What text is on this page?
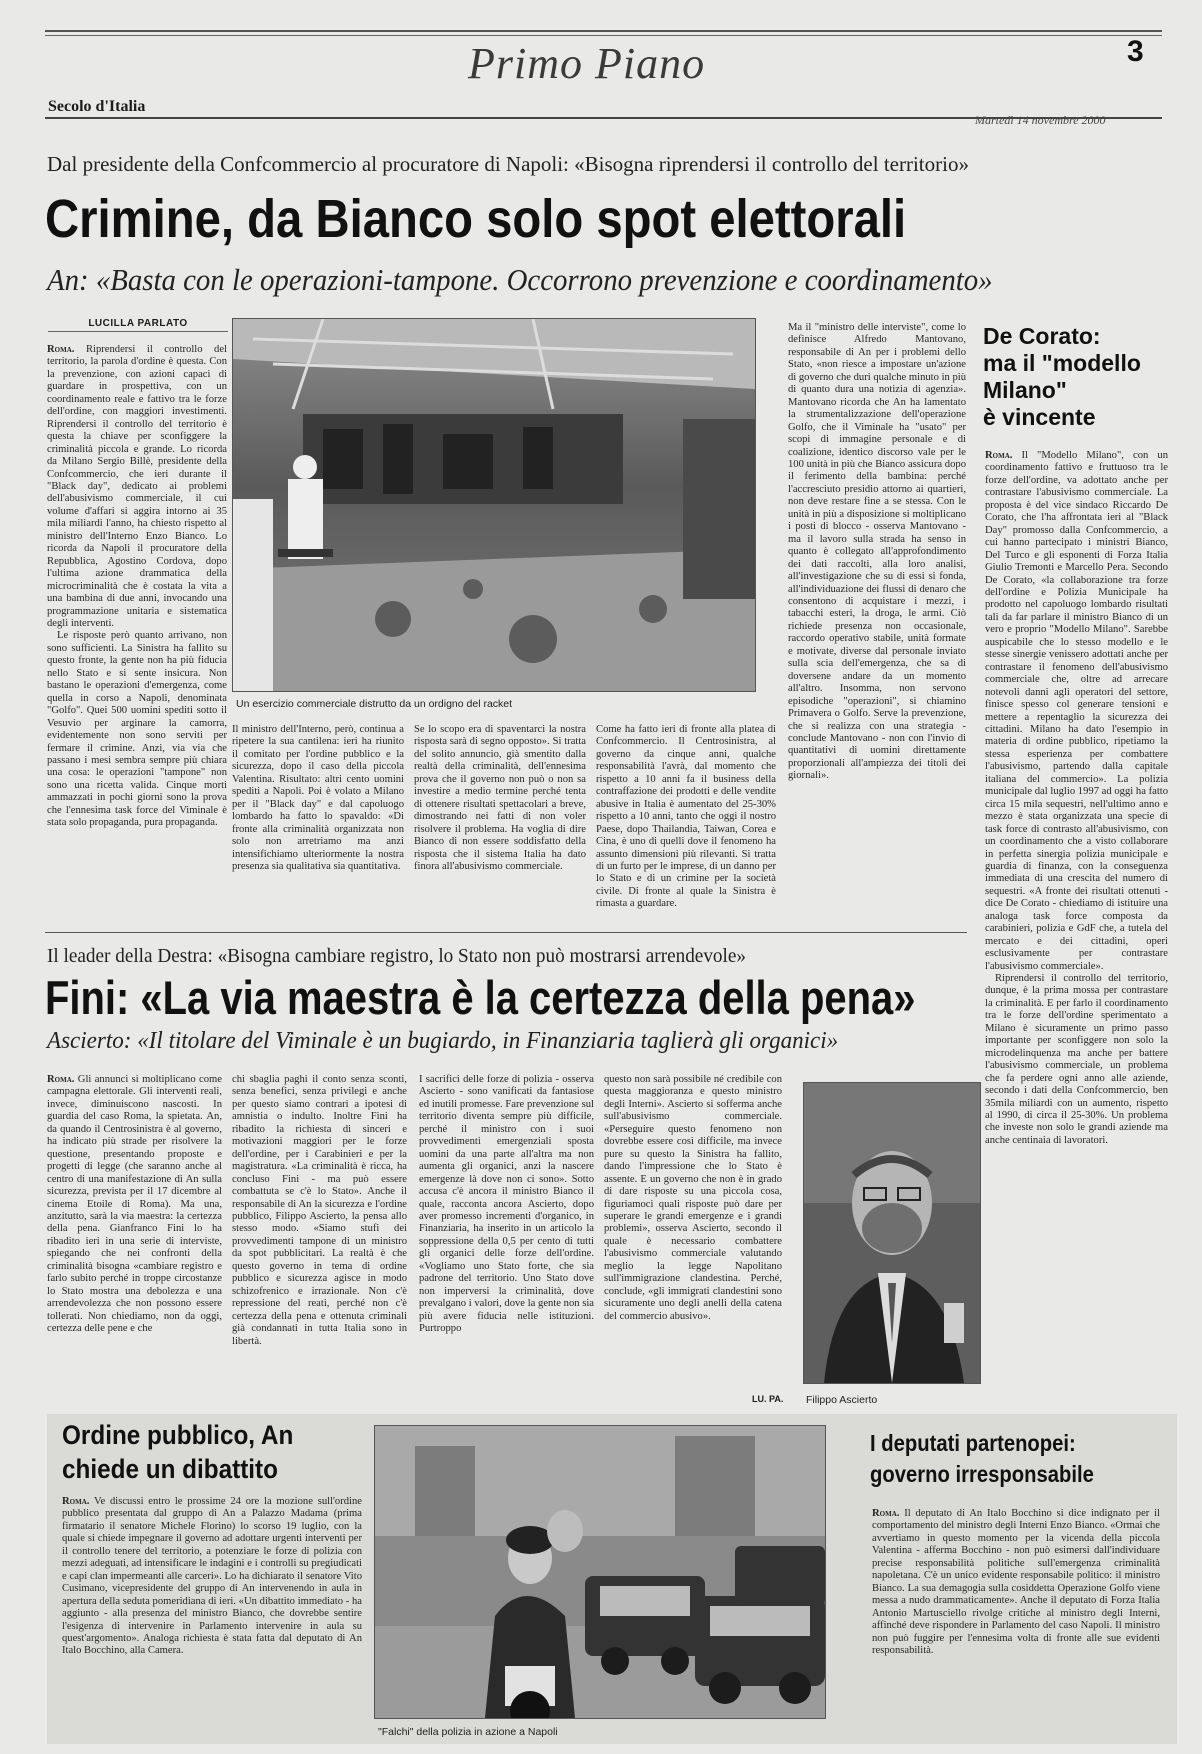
Primo Piano	3
Secolo d'Italia
Martedì 14 novembre 2000
Dal presidente della Confcommercio al procuratore di Napoli: «Bisogna riprendersi il controllo del territorio»
Crimine, da Bianco solo spot elettorali
An: «Basta con le operazioni-tampone. Occorrono prevenzione e coordinamento»
LUCILLA PARLATO

Roma. Riprendersi il controllo del territorio, la parola d'ordine è questa. Con la prevenzione, con azioni capaci di guardare in prospettiva, con un coordinamento reale e fattivo tra le forze dell'ordine, con maggiori investimenti. Riprendersi il controllo del territorio è questa la chiave per sconfiggere la criminalità piccola e grande. Lo ricorda da Milano Sergio Billè, presidente della Confcommercio, che ieri durante il "Black day", dedicato ai problemi dell'abusivismo commerciale, il cui volume d'affari si aggira intorno ai 35 mila miliardi l'anno, ha chiesto rispetto al ministro dell'Interno Enzo Bianco. Lo ricorda da Napoli il procuratore della Repubblica, Agostino Cordova, dopo l'ultima azione drammatica della microcriminalità che è costata la vita a una bambina di due anni, invocando una programmazione unitaria e sistematica degli interventi.

Le risposte però quanto arrivano, non sono sufficienti. La Sinistra ha fallito su questo fronte, la gente non ha più fiducia nello Stato e si sente insicura. Non bastano le operazioni d'emergenza, come quella in corso a Napoli, denominata "Golfo". Quei 500 uomini spediti sotto il Vesuvio per arginare la camorra, evidentemente non sono serviti per fermare il crimine. Anzi, via via che passano i mesi sembra sempre più chiara una cosa: le operazioni "tampone" non sono una ricetta valida. Cinque morti ammazzati in pochi giorni sono la prova che l'ennesima task force del Viminale è stata solo propaganda, pura propaganda.

Un esercizio commerciale distrutto da un ordigno del racket

Il ministro dell'Interno, però, continua a ripetere la sua cantilena: ieri ha riunito il comitato per l'ordine pubblico e la sicurezza, dopo il caso della piccola Valentina. Risultato: altri cento uomini spediti a Napoli. Poi è volato a Milano per il "Black day" e dal capoluogo lombardo ha fatto lo spavaldo: «Di fronte alla criminalità organizzata non solo non arretriamo ma anzi intensifichiamo ulteriormente la nostra presenza sia qualitativa sia quantitativa.

Se lo scopo era di spaventarci la nostra risposta sarà di segno opposto». Si tratta del solito annuncio, già smentito dalla realtà della criminalità, dell'ennesima prova che il governo non può o non sa investire a medio termine perché tenta di ottenere risultati spettacolari a breve, dimostrando nei fatti di non voler risolvere il problema. Ha voglia di dire Bianco di non essere soddisfatto della risposta che il sistema Italia ha dato finora all'abusivismo commerciale.

Come ha fatto ieri di fronte alla platea di Confcommercio. Il Centrosinistra, al governo da cinque anni, qualche responsabilità l'avrà, dal momento che rispetto a 10 anni fa il business della contraffazione dei prodotti e delle vendite abusive in Italia è aumentato del 25-30% rispetto a 10 anni, tanto che oggi il nostro Paese, dopo Thailandia, Taiwan, Corea e Cina, è uno di quelli dove il fenomeno ha assunto dimensioni più rilevanti. Si tratta di un furto per le imprese, di un danno per lo Stato e di un crimine per la società civile. Di fronte al quale la Sinistra è rimasta a guardare.

Ma il "ministro delle interviste", come lo definisce Alfredo Mantovano, responsabile di An per i problemi dello Stato, «non riesce a impostare un'azione di governo che duri qualche minuto in più di quanto dura una notizia di agenzia». Mantovano ricorda che An ha lamentato la strumentalizzazione dell'operazione Golfo, che il Viminale ha "usato" per scopi di immagine personale e di coalizione, identico discorso vale per le 100 unità in più che Bianco assicura dopo il ferimento della bambina: perché l'accresciuto presidio attorno ai quartieri, non deve restare fine a se stessa. Con le unità in più a disposizione si moltiplicano i posti di blocco - osserva Mantovano - ma il lavoro sulla strada ha senso in quanto è collegato all'approfondimento dei dati raccolti, alla loro analisi, all'investigazione che su di essi si fonda, all'individuazione dei flussi di denaro che consentono di acquistare i mezzi, i tabacchi esteri, la droga, le armi. Ciò richiede presenza non occasionale, raccordo operativo stabile, unità formate e motivate, diverse dal personale inviato sulla scia dell'emergenza, che sa di doversene andare da un momento all'altro. Insomma, non servono episodiche "operazioni", si chiamino Primavera o Golfo. Serve la prevenzione, che si realizza con una strategia - conclude Mantovano - non con l'invio di quantitativi di uomini direttamente proporzionali all'ampiezza dei titoli dei giornali».

De Corato:
ma il "modello
Milano"
è vincente

Roma. Il "Modello Milano", con un coordinamento fattivo e fruttuoso tra le forze dell'ordine, va adottato anche per contrastare l'abusivismo commerciale. La proposta è del vice sindaco Riccardo De Corato, che l'ha affrontata ieri al "Black Day" promosso dalla Confcommercio, a cui hanno partecipato i ministri Bianco, Del Turco e gli esponenti di Forza Italia Giulio Tremonti e Marcello Pera. Secondo De Corato, «la collaborazione tra forze dell'ordine e Polizia Municipale ha prodotto nel capoluogo lombardo risultati tali da far parlare il ministro Bianco di un vero e proprio "Modello Milano". Sarebbe auspicabile che lo stesso modello e le stesse sinergie venissero adottati anche per contrastare il fenomeno dell'abusivismo commerciale che, oltre ad arrecare notevoli danni agli operatori del settore, finisce spesso col generare tensioni e mettere a repentaglio la sicurezza dei cittadini. Milano ha dato l'esempio in materia di ordine pubblico, ripetiamo la stessa esperienza per combattere l'abusivismo, partendo dalla capitale italiana del commercio». La polizia municipale dal luglio 1997 ad oggi ha fatto circa 15 mila sequestri, nell'ultimo anno e mezzo è stata organizzata una specie di task force di contrasto all'abusivismo, con un coordinamento che a visto collaborare in perfetta sinergia polizia municipale e guardia di finanza, con la conseguenza immediata di una crescita del numero di sequestri. «A fronte dei risultati ottenuti - dice De Corato - chiediamo di istituire una analoga task force composta da carabinieri, polizia e GdF che, a tutela del mercato e dei cittadini, operi esclusivamente per contrastare l'abusivismo commerciale».

Riprendersi il controllo del territorio, dunque, è la prima mossa per contrastare la criminalità. E per farlo il coordinamento tra le forze dell'ordine sperimentato a Milano è sicuramente un primo passo importante per sconfiggere non solo la microdelinquenza ma anche per battere l'abusivismo commerciale, un problema che fa perdere ogni anno alle aziende, secondo i dati della Confcommercio, ben 35mila miliardi con un aumento, rispetto al 1990, di circa il 25-30%. Un problema che investe non solo le grandi aziende ma anche centinaia di lavoratori.

Il leader della Destra: «Bisogna cambiare registro, lo Stato non può mostrarsi arrendevole»
Fini: «La via maestra è la certezza della pena»
Ascierto: «Il titolare del Viminale è un bugiardo, in Finanziaria taglierà gli organici»

Roma. Gli annunci si moltiplicano come campagna elettorale. Gli interventi reali, invece, diminuiscono nascosti. In guardia del caso Roma, la spietata. An, da quando il Centrosinistra è al governo, ha indicato più strade per risolvere la questione, presentando proposte e progetti di legge (che saranno anche al centro di una manifestazione di An sulla sicurezza, prevista per il 17 dicembre al cinema Etoile di Roma). Ma una, anzitutto, sarà la via maestra: la certezza della pena. Gianfranco Fini lo ha ribadito ieri in una serie di interviste, spiegando che nei confronti della criminalità bisogna «cambiare registro e farlo subito perché in troppe circostanze lo Stato mostra una debolezza e una arrendevolezza che non possono essere tollerati. Non chiediamo, non da oggi, certezza delle pene e che

chi sbaglia paghi il conto senza sconti, senza benefici, senza privilegi e anche per questo siamo contrari a ipotesi di amnistia o indulto. Inoltre Fini ha ribadito la richiesta di sinceri e motivazioni maggiori per le forze dell'ordine, per i Carabinieri e per la magistratura. «La criminalità è ricca, ha concluso Fini - ma può essere combattuta se c'è lo Stato». Anche il responsabile di An la sicurezza e l'ordine pubblico, Filippo Ascierto, la pensa allo stesso modo. «Siamo stufi dei provvedimenti tampone di un ministro da spot pubblicitari. La realtà è che questo governo in tema di ordine pubblico e sicurezza agisce in modo schizofrenico e irrazionale. Non c'è repressione del reati, perché non c'è certezza della pena e ottenuta criminali già condannati in tutta Italia sono in libertà.

I sacrifici delle forze di polizia - osserva Ascierto - sono vanificati da fantasiose ed inutili promesse. Fare prevenzione sul territorio diventa sempre più difficile, perché il ministro con i suoi provvedimenti emergenziali sposta uomini da una parte all'altra ma non aumenta gli organici, anzi la nascere emergenze là dove non ci sono». Sotto accusa c'è ancora il ministro Bianco il quale, racconta ancora Ascierto, dopo aver promesso incrementi d'organico, in Finanziaria, ha inserito in un articolo la soppressione della 0,5 per cento di tutti gli organici delle forze dell'ordine. «Vogliamo uno Stato forte, che sia padrone del territorio. Uno Stato dove non imperversi la criminalità, dove prevalgano i valori, dove la gente non sia più avere fiducia nelle istituzioni. Purtroppo

questo non sarà possibile né credibile con questa maggioranza e questo ministro degli Interni». Ascierto si sofferma anche sull'abusivismo commerciale. «Perseguire questo fenomeno non dovrebbe essere così difficile, ma invece pure su questo la Sinistra ha fallito, dando l'impressione che lo Stato è assente. E un governo che non è in grado di dare risposte su una piccola cosa, figuriamoci quali risposte può dare per superare le grandi emergenze e i grandi problemi», osserva Ascierto, secondo il quale è necessario combattere l'abusivismo commerciale valutando meglio la legge Napolitano sull'immigrazione clandestina. Perché, conclude, «gli immigrati clandestini sono sicuramente uno degli anelli della catena del commercio abusivo».

LU. PA. Filippo Ascierto
Ordine pubblico, An
chiede un dibattito

Roma. Ve discussi entro le prossime 24 ore la mozione sull'ordine pubblico presentata dal gruppo di An a Palazzo Madama (prima firmatario il senatore Michele Florino) lo scorso 19 luglio, con la quale si chiede impegnare il governo ad adottare urgenti interventi per il controllo tenere del territorio, a potenziare le forze di polizia con mezzi adeguati, ad intensificare le indagini e i controlli su pregiudicati e capi clan impermeanti alle carceri». Lo ha dichiarato il senatore Vito Cusimano, vicepresidente del gruppo di An intervenendo in aula in apertura della seduta pomeridiana di ieri. «Un dibattito immediato - ha aggiunto - alla presenza del ministro Bianco, che dovrebbe sentire l'esigenza di intervenire in Parlamento intervenire in aula su quest'argomento». Analoga richiesta è stata fatta dal deputato di An Italo Bocchino, alla Camera.

"Falchi" della polizia in azione a Napoli
I deputati partenopei:
governo irresponsabile

Roma. Il deputato di An Italo Bocchino si dice indignato per il comportamento del ministro degli Interni Enzo Bianco. «Ormai che avvertiamo in questo momento per la vicenda della piccola Valentina - afferma Bocchino - non può esimersi dall'individuare precise responsabilità politiche sull'emergenza criminalità napoletana. C'è un unico evidente responsabile politico: il ministro Bianco. La sua demagogia sulla cosiddetta Operazione Golfo viene messa a nudo drammaticamente». Anche il deputato di Forza Italia Antonio Martusciello rivolge critiche al ministro degli Interni, affinché deve rispondere in Parlamento del caso Napoli. Il ministro non può fuggire per l'ennesima volta di fronte alle sue evidenti responsabilità.
